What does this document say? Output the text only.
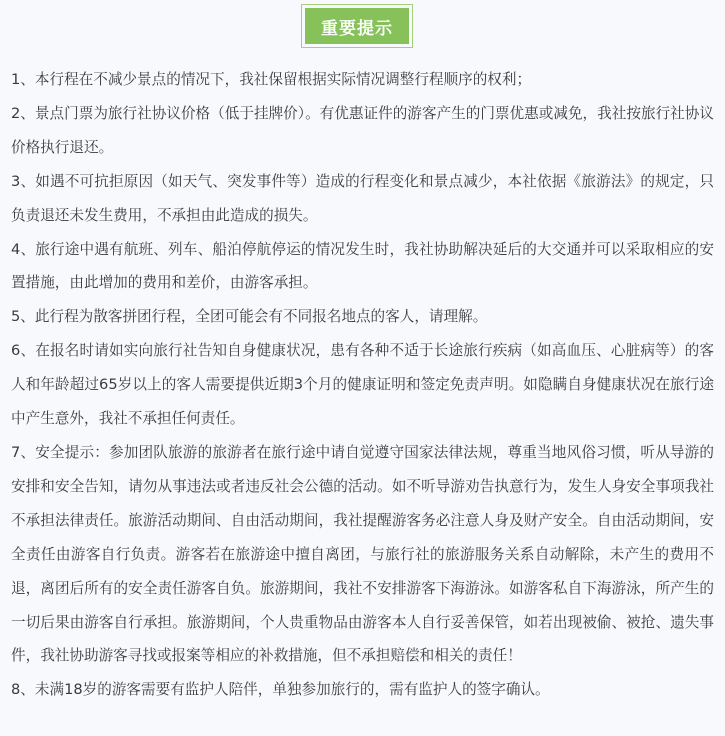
重要提示

1、本行程在不减少景点的情况下，我社保留根据实际情况调整行程顺序的权利；

2、景点门票为旅行社协议价格（低于挂牌价）。有优惠证件的游客产生的门票优惠或减免，我社按旅行社协议价格执行退还。

3、如遇不可抗拒原因（如天气、突发事件等）造成的行程变化和景点减少，本社依据《旅游法》的规定，只负责退还未发生费用，不承担由此造成的损失。

4、旅行途中遇有航班、列车、船泊停航停运的情况发生时，我社协助解决延后的大交通并可以采取相应的安置措施，由此增加的费用和差价，由游客承担。

5、此行程为散客拼团行程，全团可能会有不同报名地点的客人，请理解。

6、在报名时请如实向旅行社告知自身健康状况，患有各种不适于长途旅行疾病（如高血压、心脏病等）的客人和年龄超过65岁以上的客人需要提供近期3个月的健康证明和签定免责声明。如隐瞒自身健康状况在旅行途中产生意外，我社不承担任何责任。

7、安全提示：参加团队旅游的旅游者在旅行途中请自觉遵守国家法律法规，尊重当地风俗习惯，听从导游的安排和安全告知，请勿从事违法或者违反社会公德的活动。如不听导游劝告执意行为，发生人身安全事项我社不承担法律责任。旅游活动期间、自由活动期间，我社提醒游客务必注意人身及财产安全。自由活动期间，安全责任由游客自行负责。游客若在旅游途中擅自离团，与旅行社的旅游服务关系自动解除，未产生的费用不退，离团后所有的安全责任游客自负。旅游期间，我社不安排游客下海游泳。如游客私自下海游泳，所产生的一切后果由游客自行承担。旅游期间，个人贵重物品由游客本人自行妥善保管，如若出现被偷、被抢、遗失事件，我社协助游客寻找或报案等相应的补救措施，但不承担赔偿和相关的责任！

8、未满18岁的游客需要有监护人陪伴，单独参加旅行的，需有监护人的签字确认。
